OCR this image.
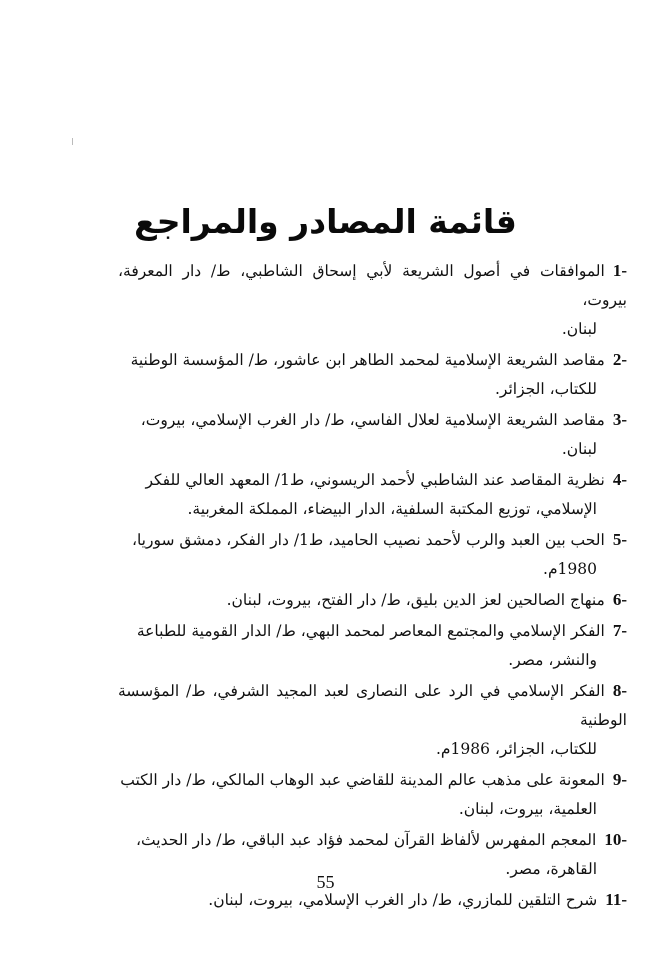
قائمة المصادر والمراجع
1-الموافقات في أصول الشريعة لأبي إسحاق الشاطبي، ط/ دار المعرفة، بيروت،
لبنان.
2-مقاصد الشريعة الإسلامية لمحمد الطاهر ابن عاشور، ط/ المؤسسة الوطنية
للكتاب، الجزائر.
3-مقاصد الشريعة الإسلامية لعلال الفاسي، ط/ دار الغرب الإسلامي، بيروت،
لبنان.
4-نظرية المقاصد عند الشاطبي لأحمد الريسوني، ط1/ المعهد العالي للفكر
الإسلامي، توزيع المكتبة السلفية، الدار البيضاء، المملكة المغربية.
5-الحب بين العبد والرب لأحمد نصيب الحاميد، ط1/ دار الفكر، دمشق سوريا،
1980م.
6-منهاج الصالحين لعز الدين بليق، ط/ دار الفتح، بيروت، لبنان.
7-الفكر الإسلامي والمجتمع المعاصر لمحمد البهي، ط/ الدار القومية للطباعة
والنشر، مصر.
8-الفكر الإسلامي في الرد على النصارى لعبد المجيد الشرفي، ط/ المؤسسة الوطنية
للكتاب، الجزائر، 1986م.
9-المعونة على مذهب عالم المدينة للقاضي عبد الوهاب المالكي، ط/ دار الكتب
العلمية، بيروت، لبنان.
10-المعجم المفهرس لألفاظ القرآن لمحمد فؤاد عبد الباقي، ط/ دار الحديث،
القاهرة، مصر.
11-شرح التلقين للمازري، ط/ دار الغرب الإسلامي، بيروت، لبنان.
55
